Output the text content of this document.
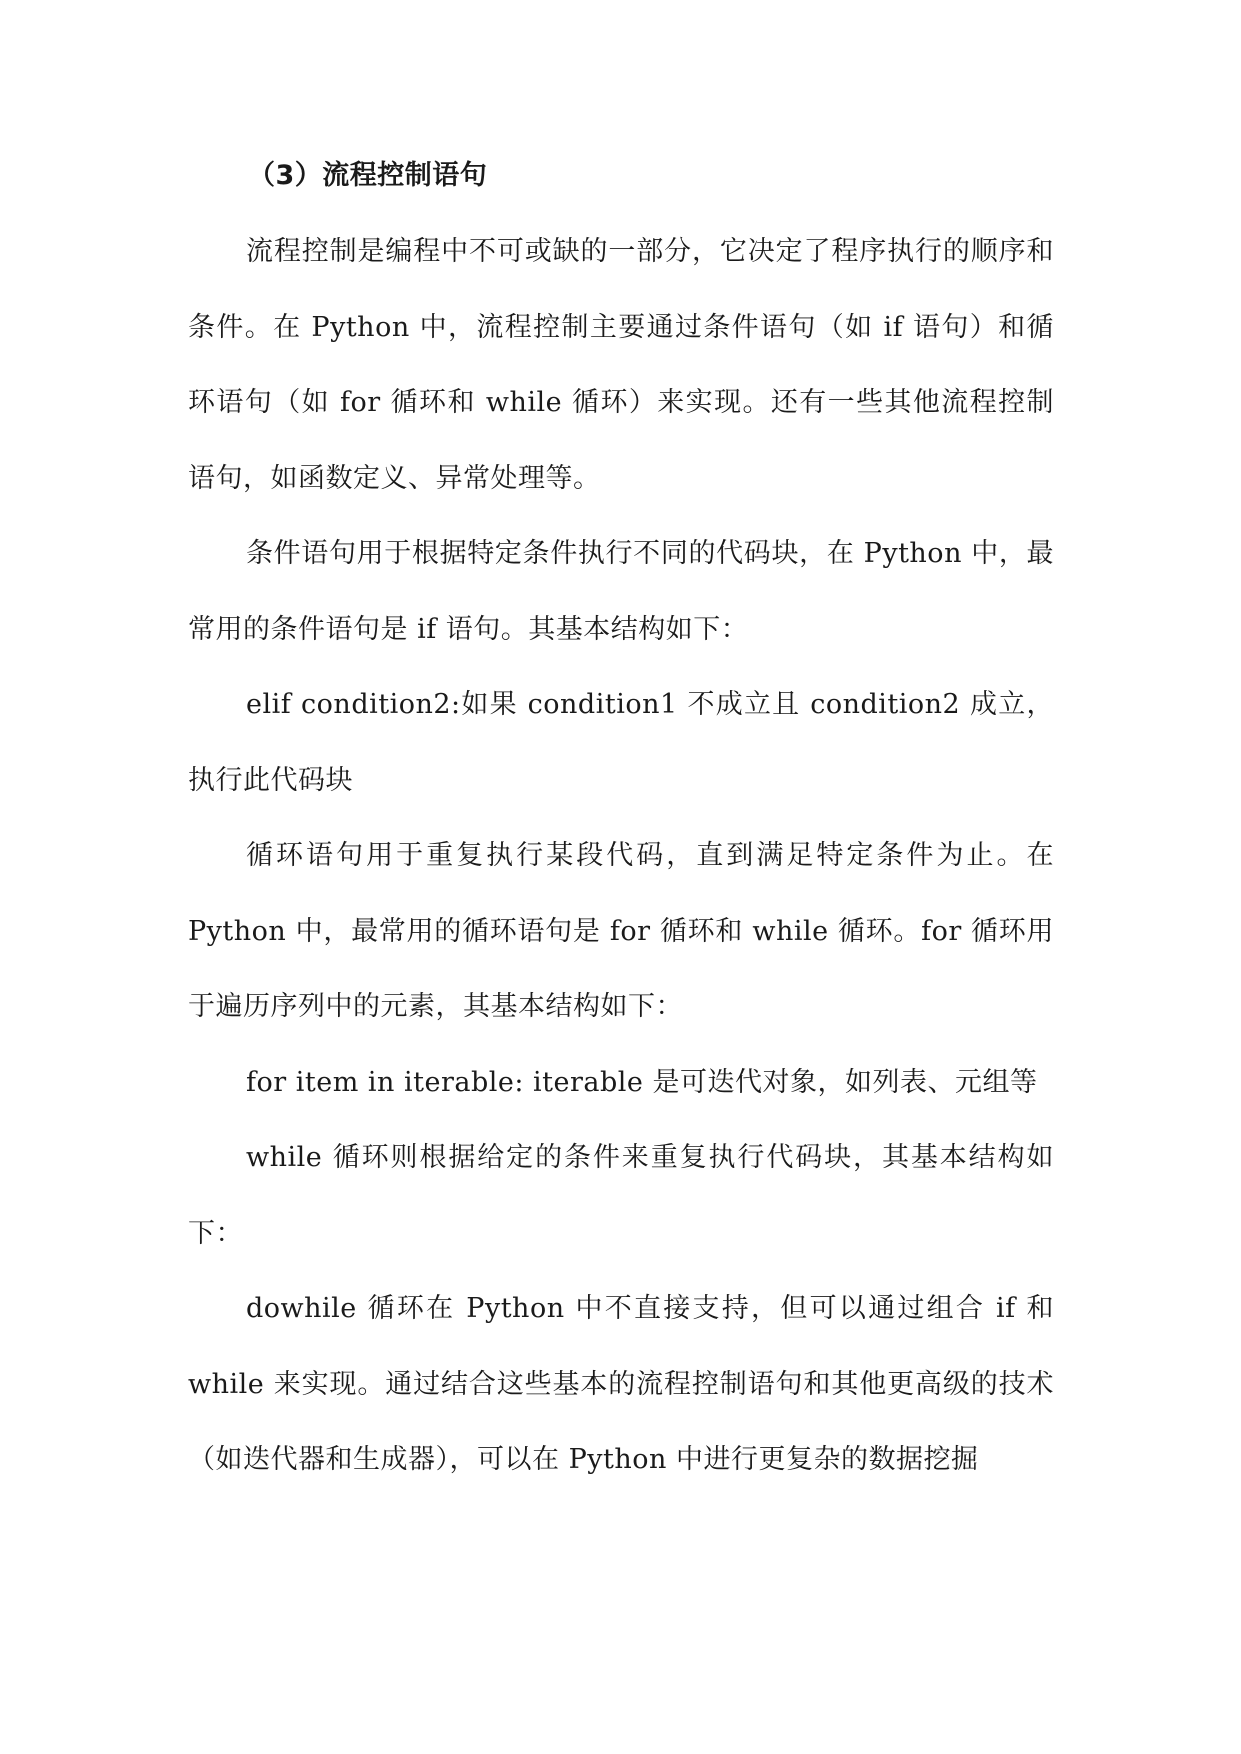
（3）流程控制语句

流程控制是编程中不可或缺的一部分，它决定了程序执行的顺序和条件。在 Python 中，流程控制主要通过条件语句（如 if 语句）和循环语句（如 for 循环和 while 循环）来实现。还有一些其他流程控制语句，如函数定义、异常处理等。

条件语句用于根据特定条件执行不同的代码块，在 Python 中，最常用的条件语句是 if 语句。其基本结构如下：

elif condition2:如果 condition1 不成立且 condition2 成立，执行此代码块

循环语句用于重复执行某段代码，直到满足特定条件为止。在 Python 中，最常用的循环语句是 for 循环和 while 循环。for 循环用于遍历序列中的元素，其基本结构如下：

for item in iterable: iterable 是可迭代对象，如列表、元组等

while 循环则根据给定的条件来重复执行代码块，其基本结构如下：

dowhile 循环在 Python 中不直接支持，但可以通过组合 if 和 while 来实现。通过结合这些基本的流程控制语句和其他更高级的技术（如迭代器和生成器），可以在 Python 中进行更复杂的数据挖掘
